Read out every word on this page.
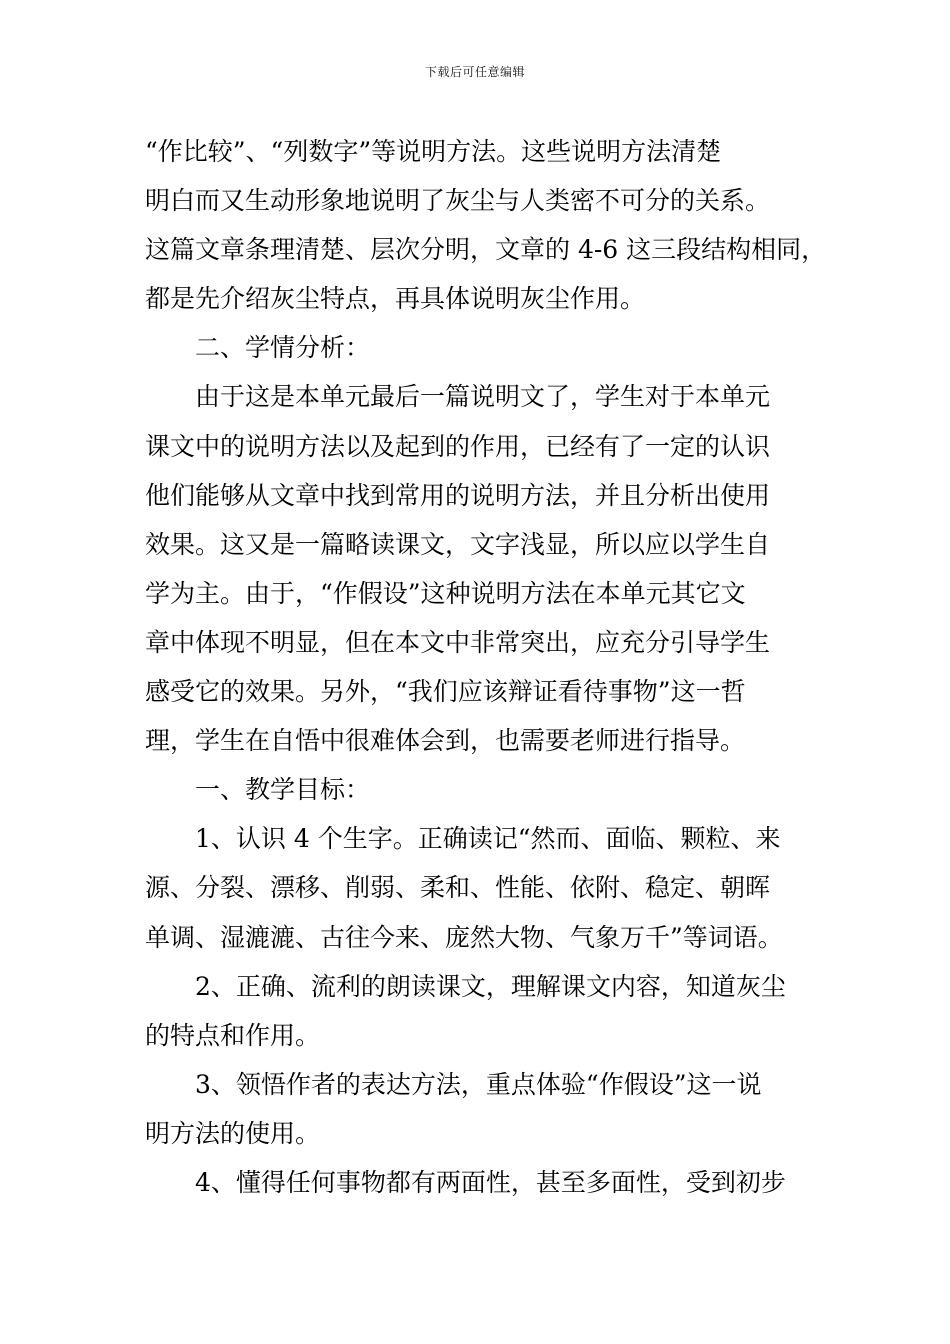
下载后可任意编辑
“作比较”、“列数字”等说明方法。这些说明方法清楚
明白而又生动形象地说明了灰尘与人类密不可分的关系。
这篇文章条理清楚、层次分明，文章的 4-6 这三段结构相同，
都是先介绍灰尘特点，再具体说明灰尘作用。
二、学情分析：
由于这是本单元最后一篇说明文了，学生对于本单元
课文中的说明方法以及起到的作用，已经有了一定的认识
他们能够从文章中找到常用的说明方法，并且分析出使用
效果。这又是一篇略读课文，文字浅显，所以应以学生自
学为主。由于，“作假设”这种说明方法在本单元其它文
章中体现不明显，但在本文中非常突出，应充分引导学生
感受它的效果。另外，“我们应该辩证看待事物”这一哲
理，学生在自悟中很难体会到，也需要老师进行指导。
一、教学目标：
1、认识 4 个生字。正确读记“然而、面临、颗粒、来
源、分裂、漂移、削弱、柔和、性能、依附、稳定、朝晖
单调、湿漉漉、古往今来、庞然大物、气象万千”等词语。
2、正确、流利的朗读课文，理解课文内容，知道灰尘
的特点和作用。
3、领悟作者的表达方法，重点体验“作假设”这一说
明方法的使用。
4、懂得任何事物都有两面性，甚至多面性，受到初步
